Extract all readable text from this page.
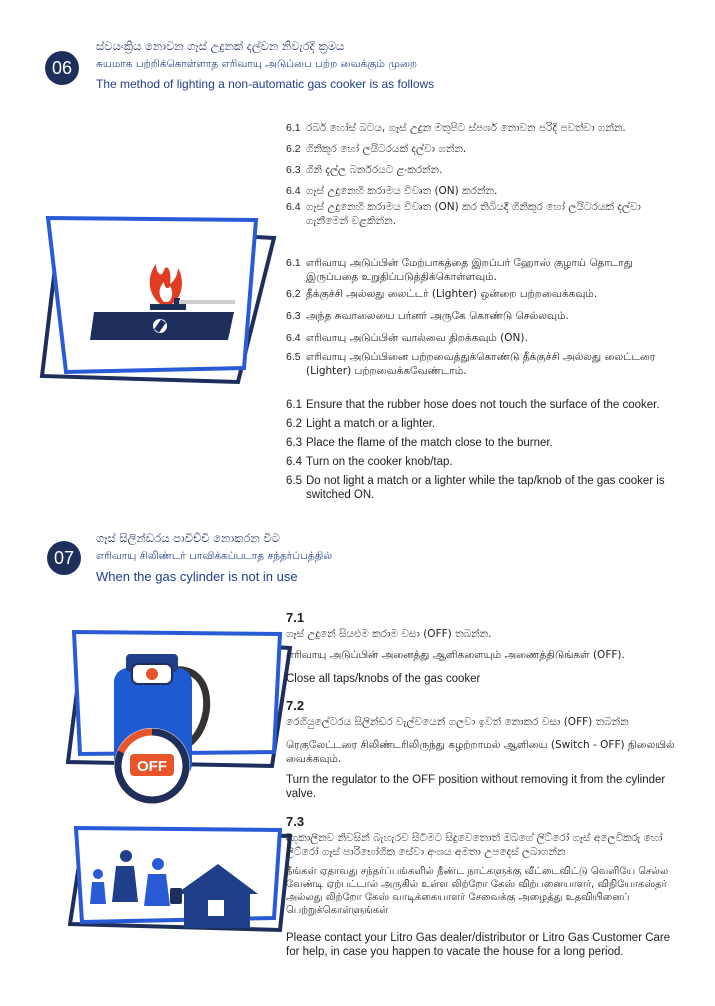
06
ස්වයංක්‍රිය නොවන ගෑස් උදුනක් දල්වන නිවැරදි ක්‍රමය
சுயமாக பற்றிக்கொள்ளாத எரிவாயு அடுப்பை பற்ற வைக்கும் முறை
The method of lighting a non-automatic gas cooker is as follows
6.1 රබර් හෝස් බටය, ගෑස් උදුන මතුපිට ස්පර්ශ නොවන පරිදි පවත්වා ගන්න.
6.2 ගිනිකූර හෝ ලයිටරයක් දල්වා ගන්න.
6.3 ගිනි දැල්ල බර්නරයට ළංකරන්න.
6.4 ගෑස් උදුනෙහි කරාමය විවෘත (ON) කරන්න.
6.4 ගෑස් උදුනෙහි කරාමය විවෘත (ON) කර තිබියදී ගිනිකූර හෝ ලයිටරයක් දල්වා ගැනීමෙන් වළකින්න.
6.1 எரிவாயு அடுப்பின் மேற்பாகத்தை இறப்பர் ஹோஸ் குழாய் தொடாது இருப்பதை உறுதிப்படுத்திக்கொள்ளவும்.
6.2 தீக்குச்சி அல்லது லைட்டர் (Lighter) ஒன்றை பற்றவைக்கவும்.
6.3 அந்த சுவாலையை பர்னர் அருகே கொண்டு செல்லவும்.
6.4 எரிவாயு அடுப்பின் வால்வை திறக்கவும் (ON).
6.5 எரிவாயு அடுப்பினை பற்றவைத்துக்கொண்டு தீக்குச்சி அல்லது லைட்டரை (Lighter) பற்றவைக்கவேண்டாம்.
6.1 Ensure that the rubber hose does not touch the surface of the cooker.
6.2 Light a match or a lighter.
6.3 Place the flame of the match close to the burner.
6.4 Turn on the cooker knob/tap.
6.5 Do not light a match or a lighter while the tap/knob of the gas cooker is switched ON.
07
ගෑස් සිලින්ඩරය පාවිච්චි නොකරන විට
எரிவாயு சிலிண்டர் பாவிக்கப்படாத சந்தர்ப்பத்தில்
When the gas cylinder is not in use
OFF
7.1
ගෑස් උදුනේ සියළුම කරාම වසා (OFF) තබන්න.
எரிவாயு அடுப்பின் அனைத்து ஆளிகளையும் அணைத்திடுங்கள் (OFF).
Close all taps/knobs of the gas cooker
7.2
රෙගියුලේටරය සිලින්ඩර වැල්වයෙන් ගලවා ඉවත් නොකර වසා (OFF) තබන්න
ரெகுலேட்டரை சிலிண்டரிலிருந்து கழற்றாமல் ஆளியை (Switch - OFF) நிலையில் வைக்கவும்.
Turn the regulator to the OFF position without removing it from the cylinder valve.
7.3
දිගුකාලීනව නිවසින් බැහැරව සිටීමට සිදුවෙතොත් ඔබගේ ලිට්රෝ ගෑස් අලෙවිකරු හෝ ලිට්රෝ ගෑස් පාරිභෝගික සේවා අංශය අමතා උපදෙස් ලබාගන්න
நீங்கள் ஏதாவது சந்தர்ப்பங்களில் நீண்ட நாட்களுக்கு வீட்டைவிட்டு வெளியே செல்ல வேண்டி ஏற்பட்டால் அருகில் உள்ள லிற்றோ கேஸ் விற்பனையாளர், விநியோகஸ்தர் அல்லது லிற்றோ கேஸ் வாடிக்கையாளர் சேவைக்கு அழைத்து உதவியினைப் பெற்றுக்கொள்ளுங்கள்
Please contact your Litro Gas dealer/distributor or Litro Gas Customer Care for help, in case you happen to vacate the house for a long period.
